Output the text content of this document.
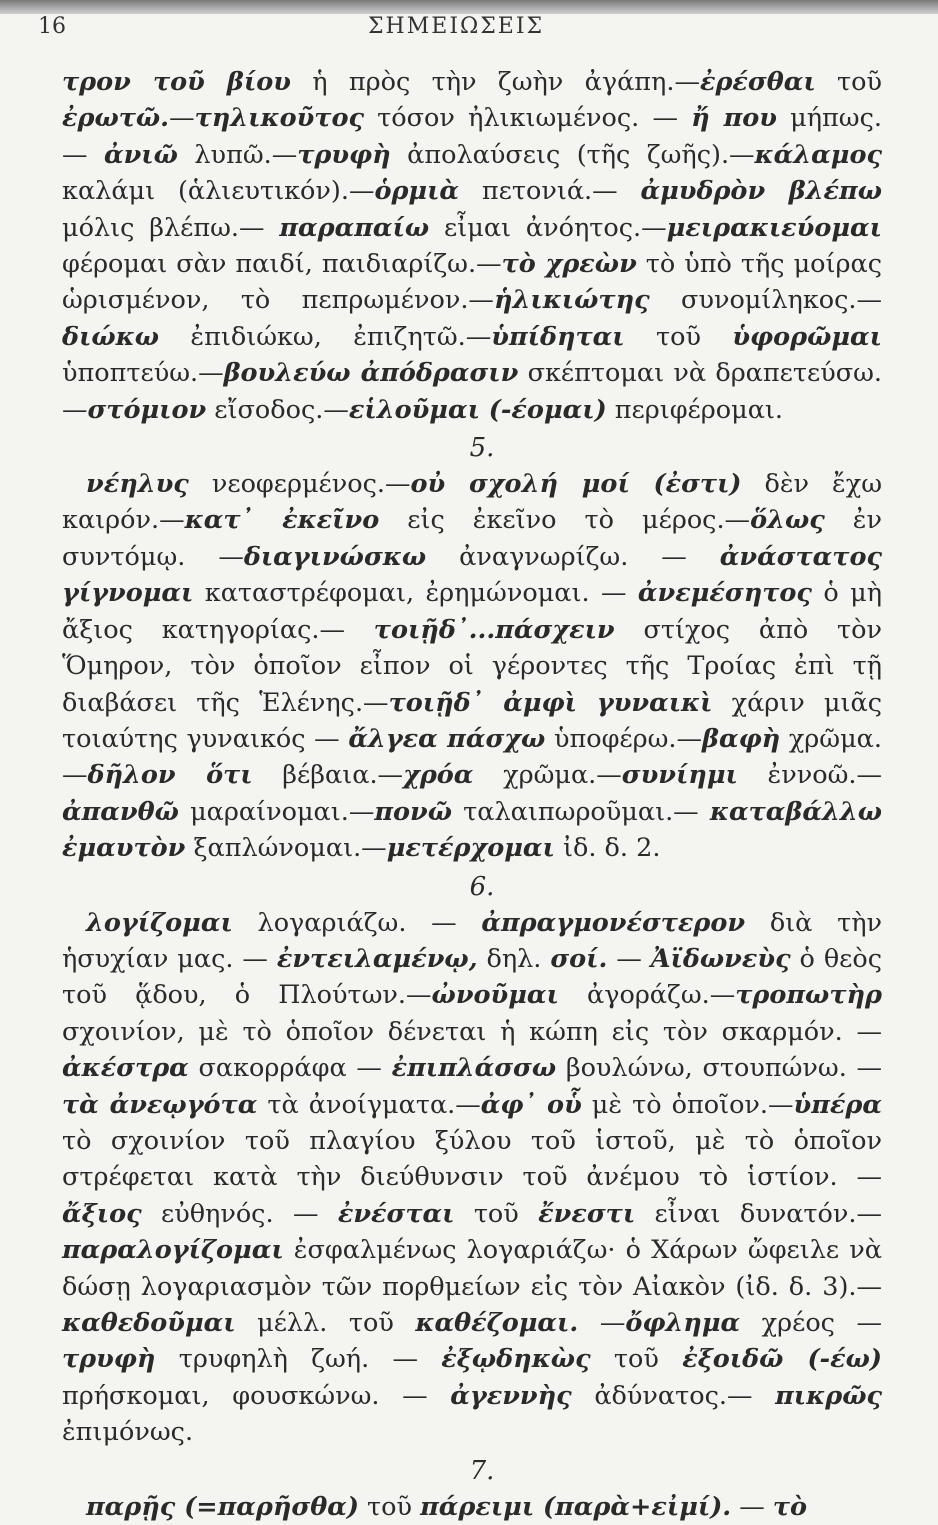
16	ΣΗΜΕΙΩΣΕΙΣ

τρον τοῦ βίου ἡ πρὸς τὴν ζωὴν ἀγάπη.—ἐρέσθαι τοῦ ἐρωτῶ.—τηλικοῦτος τόσον ἠλικιωμένος. — ἤ που μήπως. — ἀνιῶ λυπῶ.—τρυφὴ ἀπολαύσεις (τῆς ζωῆς).—κάλαμος καλάμι (ἁλιευτικόν).—ὁρμιὰ πετονιά.— ἀμυδρὸν βλέπω μόλις βλέπω.— παραπαίω εἶμαι ἀνόητος.—μειρακιεύομαι φέρομαι σὰν παιδί, παιδιαρίζω.—τὸ χρεὼν τὸ ὑπὸ τῆς μοίρας ὡρισμένον, τὸ πεπρωμένον.—ἡλικιώτης συνομίληκος.— διώκω ἐπιδιώκω, ἐπιζητῶ.—ὑπίδηται τοῦ ὑφορῶμαι ὑποπτεύω.—βουλεύω ἀπόδρασιν σκέπτομαι νὰ δραπετεύσω.—στόμιον εἴσοδος.—εἱλοῦμαι (-έομαι) περιφέρομαι.

5.

νέηλυς νεοφερμένος.—οὐ σχολή μοί (ἐστι) δὲν ἔχω καιρόν.—κατ᾽ ἐκεῖνο εἰς ἐκεῖνο τὸ μέρος.—ὅλως ἐν συντόμῳ. —διαγινώσκω ἀναγνωρίζω. — ἀνάστατος γίγνομαι καταστρέφομαι, ἐρημώνομαι. — ἀνεμέσητος ὁ μὴ ἄξιος κατηγορίας.— τοιῇδ᾽...πάσχειν στίχος ἀπὸ τὸν Ὅμηρον, τὸν ὁποῖον εἶπον οἱ γέροντες τῆς Τροίας ἐπὶ τῇ διαβάσει τῆς Ἑλένης.—τοιῇδ᾽ ἀμφὶ γυναικὶ χάριν μιᾶς τοιαύτης γυναικός — ἄλγεα πάσχω ὑποφέρω.—βαφὴ χρῶμα.—δῆλον ὅτι βέβαια.—χρόα χρῶμα.—συνίημι ἐννοῶ.—ἀπανθῶ μαραίνομαι.—πονῶ ταλαιπωροῦμαι.— καταβάλλω ἐμαυτὸν ξαπλώνομαι.—μετέρχομαι ἰδ. δ. 2.

6.

λογίζομαι λογαριάζω. — ἀπραγμονέστερον διὰ τὴν ἡσυχίαν μας. — ἐντειλαμένῳ, δηλ. σοί. — Ἀϊδωνεὺς ὁ θεὸς τοῦ ᾅδου, ὁ Πλούτων.—ὠνοῦμαι ἀγοράζω.—τροπωτὴρ σχοινίον, μὲ τὸ ὁποῖον δένεται ἡ κώπη εἰς τὸν σκαρμόν. — ἀκέστρα σακορράφα — ἐπιπλάσσω βουλώνω, στουπώνω. — τὰ ἀνεῳγότα τὰ ἀνοίγματα.—ἀφ᾽ οὗ μὲ τὸ ὁποῖον.—ὑπέρα τὸ σχοινίον τοῦ πλαγίου ξύλου τοῦ ἱστοῦ, μὲ τὸ ὁποῖον στρέφεται κατὰ τὴν διεύθυνσιν τοῦ ἀνέμου τὸ ἱστίον. — ἄξιος εὐθηνός. — ἐνέσται τοῦ ἔνεστι εἶναι δυνατόν.—παραλογίζομαι ἐσφαλμένως λογαριάζω· ὁ Χάρων ὤφειλε νὰ δώσῃ λογαριασμὸν τῶν πορθμείων εἰς τὸν Αἰακὸν (ἰδ. δ. 3).—καθεδοῦμαι μέλλ. τοῦ καθέζομαι. —ὄφλημα χρέος — τρυφὴ τρυφηλὴ ζωή. — ἐξῳδηκὼς τοῦ ἐξοιδῶ (-έω) πρήσκομαι, φουσκώνω. — ἀγεννὴς ἀδύνατος.— πικρῶς ἐπιμόνως.

7.

παρῇς (=παρῆσθα) τοῦ πάρειμι (παρὰ+εἰμί). — τὸ
